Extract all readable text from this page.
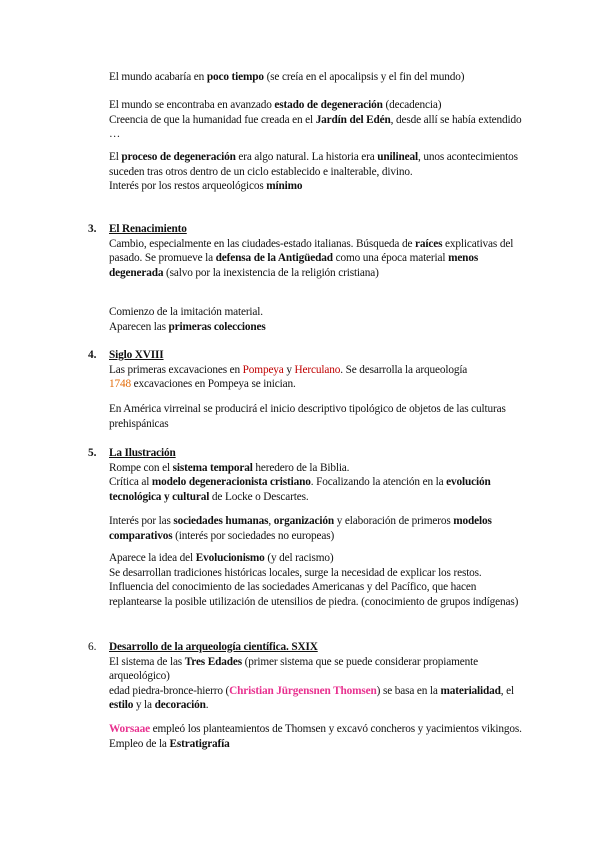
El mundo acabaría en poco tiempo (se creía en el apocalipsis y el fin del mundo)

El mundo se encontraba en avanzado estado de degeneración (decadencia)

Creencia de que la humanidad fue creada en el Jardín del Edén, desde allí se había extendido …

El proceso de degeneración era algo natural. La historia era unilineal, unos acontecimientos suceden tras otros dentro de un ciclo establecido e inalterable, divino.

Interés por los restos arqueológicos mínimo

3. El Renacimiento

Cambio, especialmente en las ciudades-estado italianas. Búsqueda de raíces explicativas del pasado. Se promueve la defensa de la Antigüedad como una época material menos degenerada (salvo por la inexistencia de la religión cristiana)

Comienzo de la imitación material.

Aparecen las primeras colecciones

4. Siglo XVIII

Las primeras excavaciones en Pompeya y Herculano. Se desarrolla la arqueología

1748 excavaciones en Pompeya se inician.

En América virreinal se producirá el inicio descriptivo tipológico de objetos de las culturas prehispánicas

5. La Ilustración

Rompe con el sistema temporal heredero de la Biblia.

Crítica al modelo degeneracionista cristiano. Focalizando la atención en la evolución tecnológica y cultural de Locke o Descartes.

Interés por las sociedades humanas, organización y elaboración de primeros modelos comparativos (interés por sociedades no europeas)

Aparece la idea del Evolucionismo (y del racismo)

Se desarrollan tradiciones históricas locales, surge la necesidad de explicar los restos.

Influencia del conocimiento de las sociedades Americanas y del Pacífico, que hacen replantearse la posible utilización de utensilios de piedra. (conocimiento de grupos indígenas)

6. Desarrollo de la arqueología científica. SXIX

El sistema de las Tres Edades (primer sistema que se puede considerar propiamente arqueológico)

edad piedra-bronce-hierro (Christian Jürgensnen Thomsen) se basa en la materialidad, el estilo y la decoración.

Worsaae empleó los planteamientos de Thomsen y excavó concheros y yacimientos vikingos. Empleo de la Estratigrafía
